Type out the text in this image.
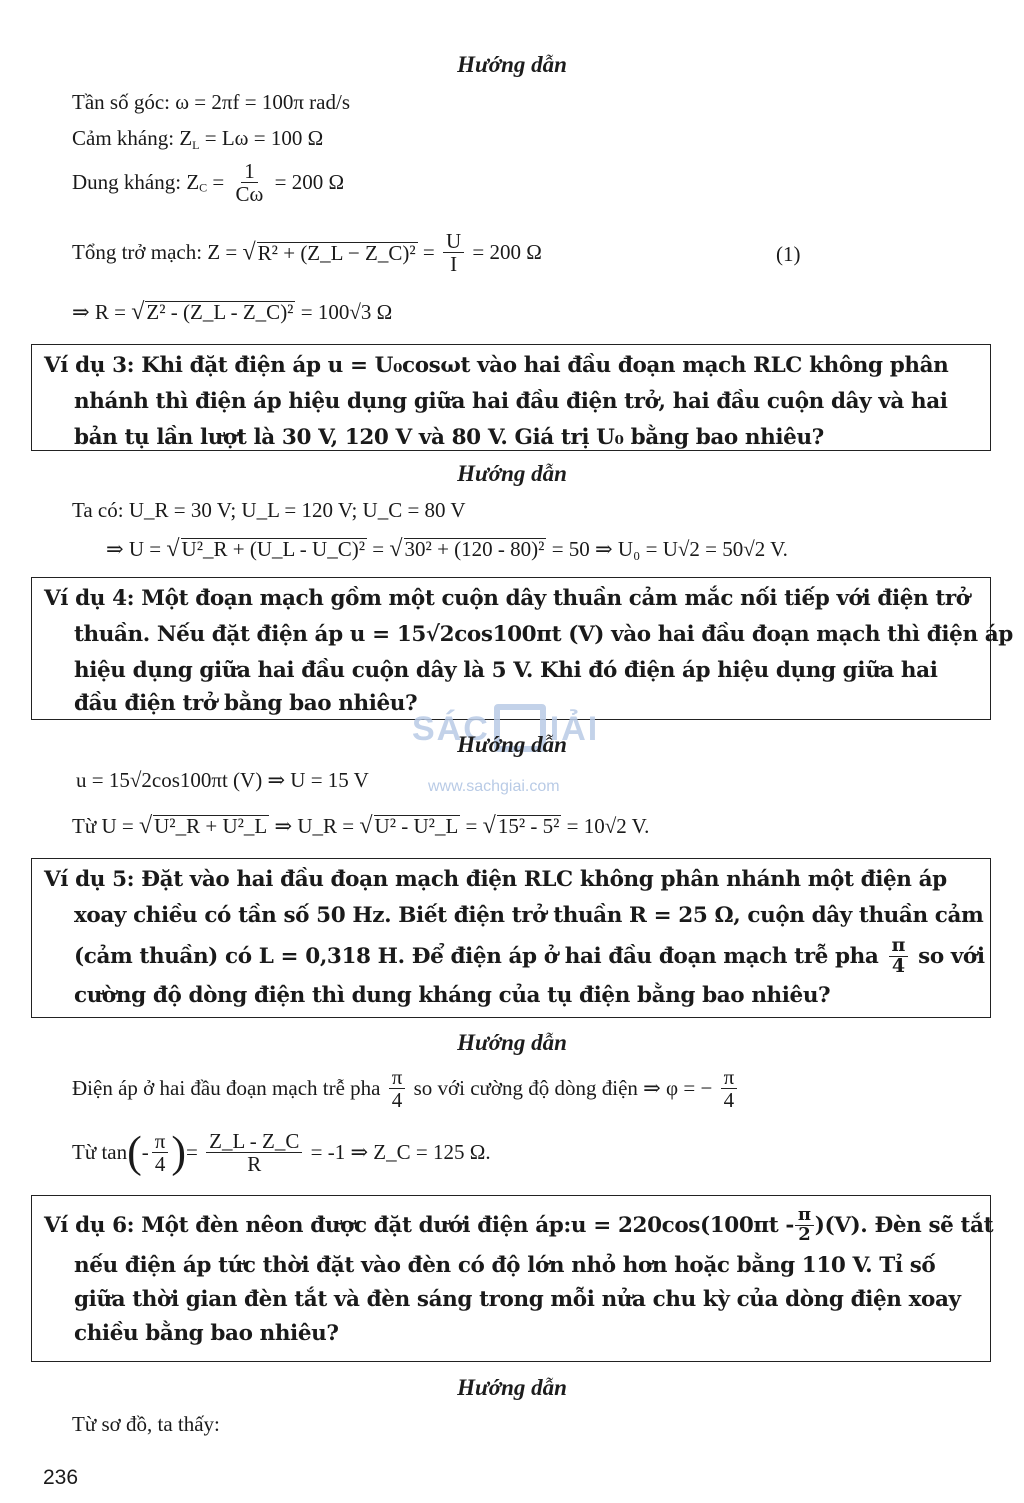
Hướng dẫn
Tần số góc: ω = 2πf = 100π rad/s
Cảm kháng: $Z_L = L\omega = 100$ Ω
Dung kháng: $Z_C = \frac{1}{C\omega} = 200$ Ω
Tổng trở mạch: Z = √R² + (Z_L − Z_C)² = $\frac{U}{I} = 200$ Ω	(1)
⇒ R = √Z² - (Z_L - Z_C)² = 100√3 Ω
Ví dụ 3: Khi đặt điện áp u = U₀cosωt vào hai đầu đoạn mạch RLC không phân
nhánh thì điện áp hiệu dụng giữa hai đầu điện trở, hai đầu cuộn dây và hai
bản tụ lần lượt là 30 V, 120 V và 80 V. Giá trị U₀ bằng bao nhiêu?
Hướng dẫn
Ta có: U_R = 30 V; U_L = 120 V; U_C = 80 V
⇒ U = √U²_R + (U_L - U_C)² = √30² + (120 - 80)² = 50 ⇒ U₀ = U√2 = 50√2 V.
Ví dụ 4: Một đoạn mạch gồm một cuộn dây thuần cảm mắc nối tiếp với điện trở
thuần. Nếu đặt điện áp u = 15√2cos100πt (V) vào hai đầu đoạn mạch thì điện áp
hiệu dụng giữa hai đầu cuộn dây là 5 V. Khi đó điện áp hiệu dụng giữa hai
đầu điện trở bằng bao nhiêu?
SÁC IẢI
www.sachgiai.com
Hướng dẫn
u = 15√2cos100πt (V) ⇒ U = 15 V
Từ U = √U²_R + U²_L ⇒ U_R = √U² - U²_L = √15² - 5² = 10√2 V.
Ví dụ 5: Đặt vào hai đầu đoạn mạch điện RLC không phân nhánh một điện áp
xoay chiều có tần số 50 Hz. Biết điện trở thuần R = 25 Ω, cuộn dây thuần cảm
(cảm thuần) có L = 0,318 H. Để điện áp ở hai đầu đoạn mạch trễ pha $\frac{\pi}{4}$ so với
cường độ dòng điện thì dung kháng của tụ điện bằng bao nhiêu?
Hướng dẫn
Điện áp ở hai đầu đoạn mạch trễ pha $\frac{\pi}{4}$ so với cường độ dòng điện ⇒ φ = − $\frac{\pi}{4}$
Từ $\tan(- \frac{\pi}{4}$ )= $\frac{Z\_L - Z\_C}{R} = -1$ ⇒ Z_C = 125 Ω.
Ví dụ 6: Một đèn nêon được đặt dưới điện áp:u = $220\cos(100\pi t - \frac{\pi}{2} )(V)$. Đèn sẽ tắt
nếu điện áp tức thời đặt vào đèn có độ lớn nhỏ hơn hoặc bằng 110 V. Tỉ số
giữa thời gian đèn tắt và đèn sáng trong mỗi nửa chu kỳ của dòng điện xoay
chiều bằng bao nhiêu?
Hướng dẫn
Từ sơ đồ, ta thấy:
236
